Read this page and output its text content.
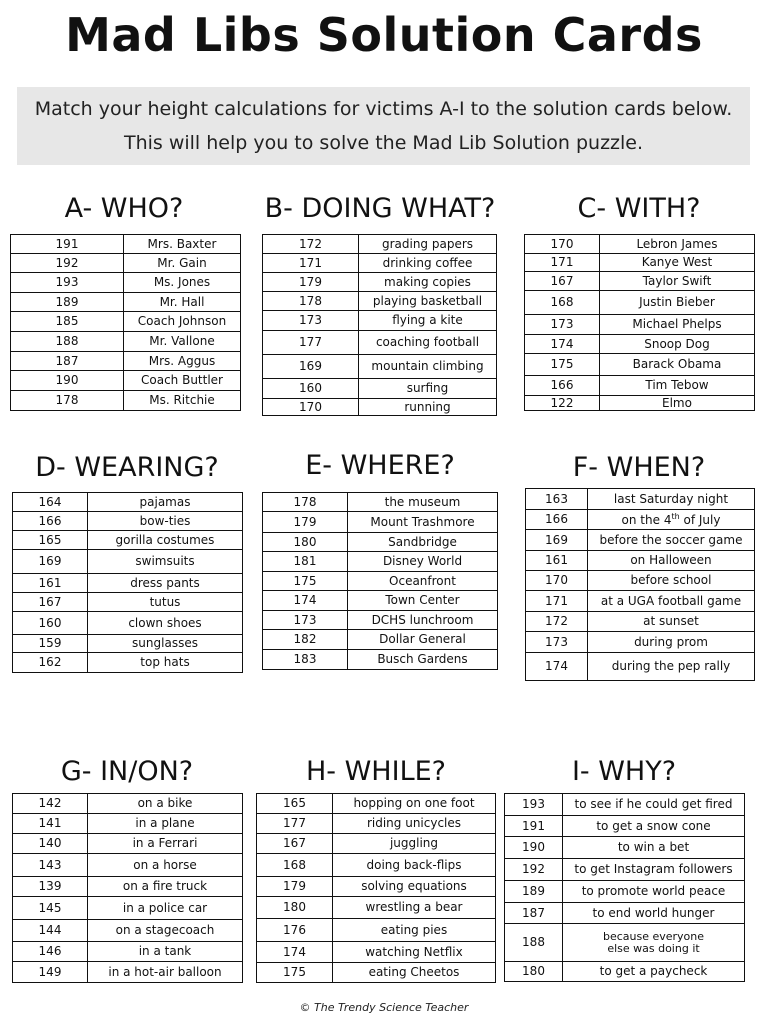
Mad Libs Solution Cards
Match your height calculations for victims A-I to the solution cards below.
This will help you to solve the Mad Lib Solution puzzle.
A- WHO?
191	Mrs. Baxter
192	Mr. Gain
193	Ms. Jones
189	Mr. Hall
185	Coach Johnson
188	Mr. Vallone
187	Mrs. Aggus
190	Coach Buttler
178	Ms. Ritchie
B- DOING WHAT?
172	grading papers
171	drinking coffee
179	making copies
178	playing basketball
173	flying a kite
177	coaching football
169	mountain climbing
160	surfing
170	running
C- WITH?
170	Lebron James
171	Kanye West
167	Taylor Swift
168	Justin Bieber
173	Michael Phelps
174	Snoop Dog
175	Barack Obama
166	Tim Tebow
122	Elmo
D- WEARING?
164	pajamas
166	bow-ties
165	gorilla costumes
169	swimsuits
161	dress pants
167	tutus
160	clown shoes
159	sunglasses
162	top hats
E- WHERE?
178	the museum
179	Mount Trashmore
180	Sandbridge
181	Disney World
175	Oceanfront
174	Town Center
173	DCHS lunchroom
182	Dollar General
183	Busch Gardens
F- WHEN?
163	last Saturday night
166	on the 4th of July
169	before the soccer game
161	on Halloween
170	before school
171	at a UGA football game
172	at sunset
173	during prom
174	during the pep rally
G- IN/ON?
142	on a bike
141	in a plane
140	in a Ferrari
143	on a horse
139	on a fire truck
145	in a police car
144	on a stagecoach
146	in a tank
149	in a hot-air balloon
H- WHILE?
165	hopping on one foot
177	riding unicycles
167	juggling
168	doing back-flips
179	solving equations
180	wrestling a bear
176	eating pies
174	watching Netflix
175	eating Cheetos
I- WHY?
193	to see if he could get fired
191	to get a snow cone
190	to win a bet
192	to get Instagram followers
189	to promote world peace
187	to end world hunger
188	because everyone
else was doing it
180	to get a paycheck
© The Trendy Science Teacher
